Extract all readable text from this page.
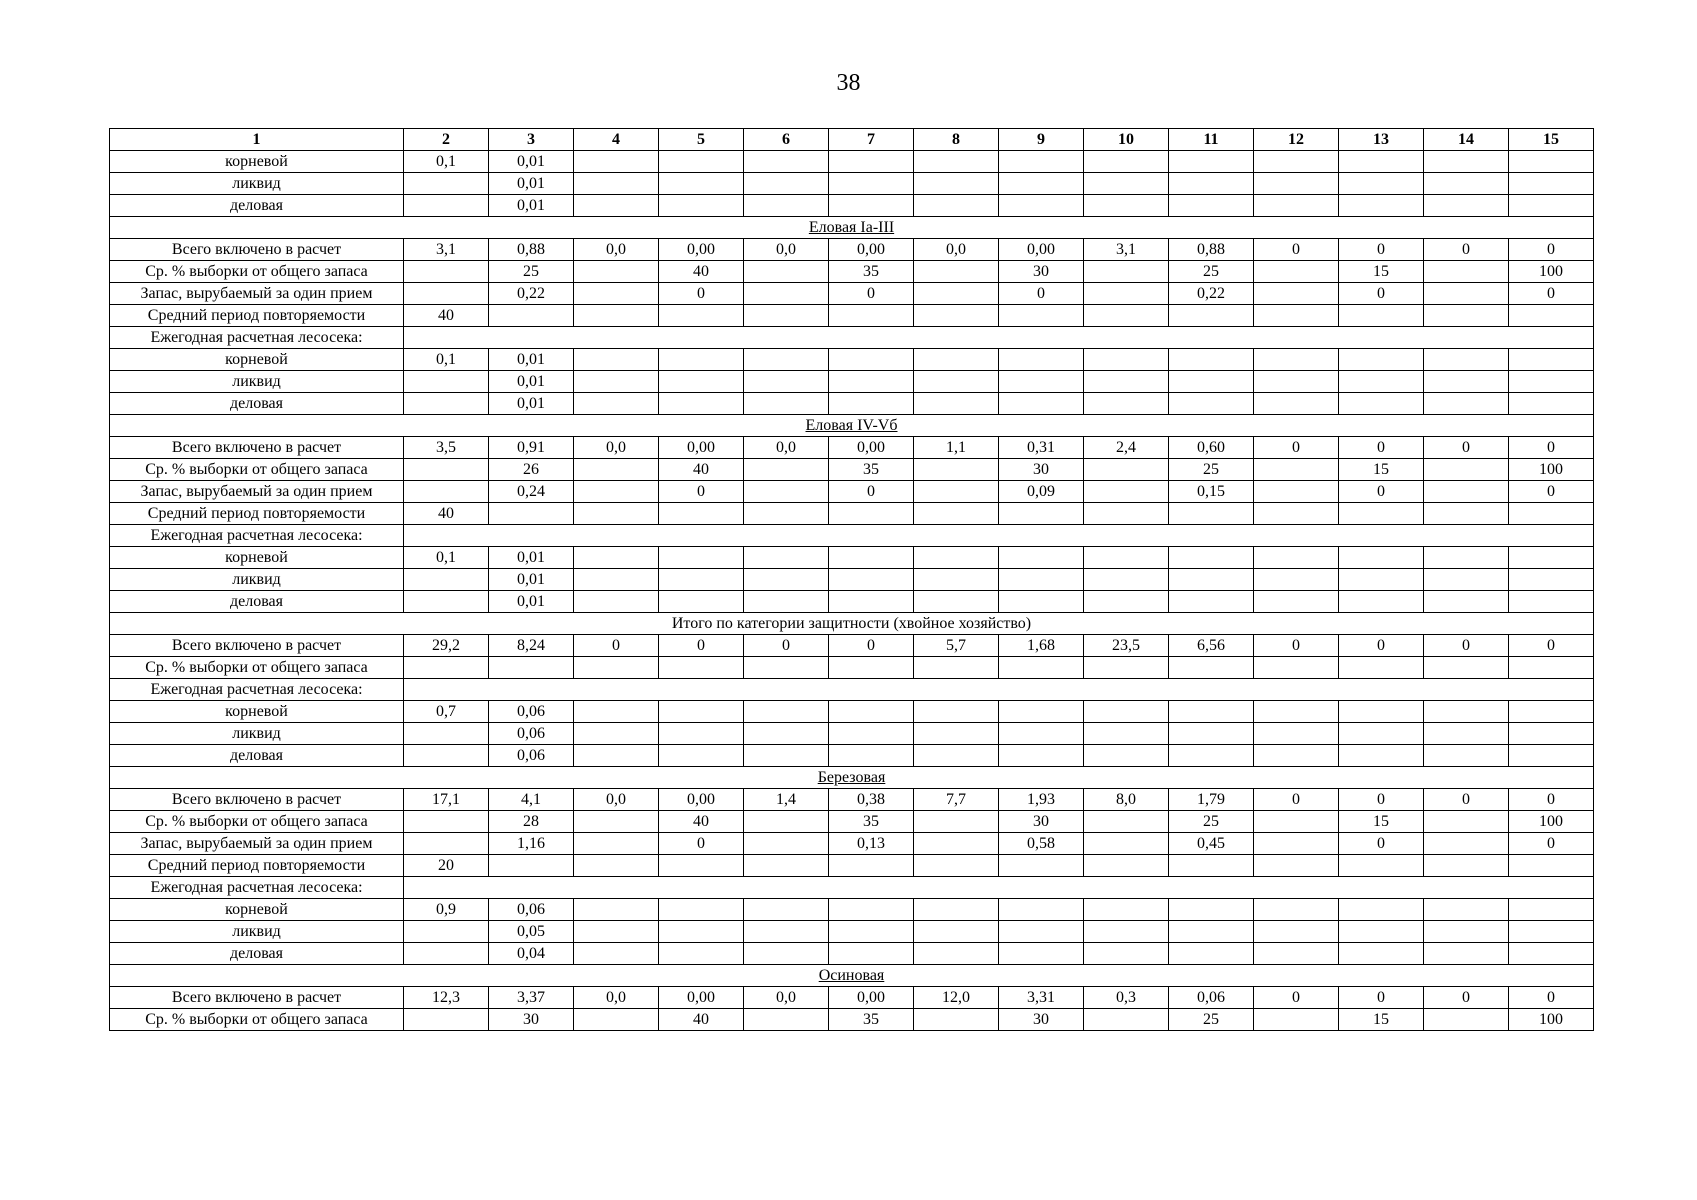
38
1	2	3	4	5	6	7	8	9	10	11	12	13	14	15
корневой	0,1	0,01												
ликвид		0,01												
деловая		0,01												
Еловая Iа-III														
Всего включено в расчет	3,1	0,88	0,0	0,00	0,0	0,00	0,0	0,00	3,1	0,88	0	0	0	0
Ср. % выборки от общего запаса		25		40		35		30		25		15		100
Запас, вырубаемый за один прием		0,22		0		0		0		0,22		0		0
Средний период повторяемости	40													
Ежегодная расчетная лесосека:														
корневой	0,1	0,01												
ликвид		0,01												
деловая		0,01												
Еловая IV-Vб														
Всего включено в расчет	3,5	0,91	0,0	0,00	0,0	0,00	1,1	0,31	2,4	0,60	0	0	0	0
Ср. % выборки от общего запаса		26		40		35		30		25		15		100
Запас, вырубаемый за один прием		0,24		0		0		0,09		0,15		0		0
Средний период повторяемости	40													
Ежегодная расчетная лесосека:														
корневой	0,1	0,01												
ликвид		0,01												
деловая		0,01												
Итого по категории защитности (хвойное хозяйство)														
Всего включено в расчет	29,2	8,24	0	0	0	0	5,7	1,68	23,5	6,56	0	0	0	0
Ср. % выборки от общего запаса														
Ежегодная расчетная лесосека:														
корневой	0,7	0,06												
ликвид		0,06												
деловая		0,06												
Березовая														
Всего включено в расчет	17,1	4,1	0,0	0,00	1,4	0,38	7,7	1,93	8,0	1,79	0	0	0	0
Ср. % выборки от общего запаса		28		40		35		30		25		15		100
Запас, вырубаемый за один прием		1,16		0		0,13		0,58		0,45		0		0
Средний период повторяемости	20													
Ежегодная расчетная лесосека:														
корневой	0,9	0,06												
ликвид		0,05												
деловая		0,04												
Осиновая														
Всего включено в расчет	12,3	3,37	0,0	0,00	0,0	0,00	12,0	3,31	0,3	0,06	0	0	0	0
Ср. % выборки от общего запаса		30		40		35		30		25		15		100
